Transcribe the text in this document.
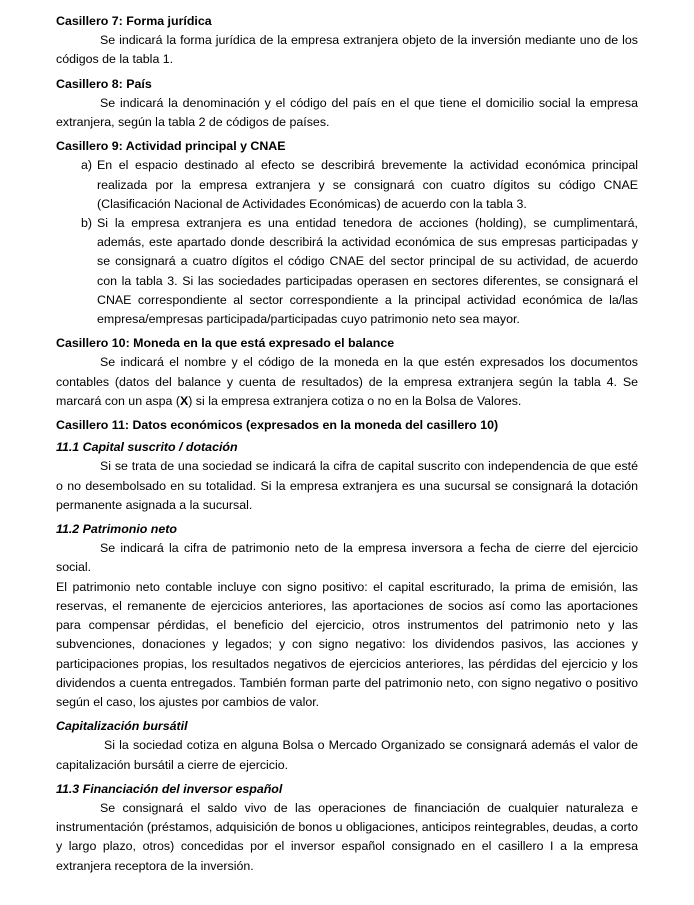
Casillero 7: Forma jurídica

Se indicará la forma jurídica de la empresa extranjera objeto de la inversión mediante uno de los códigos de la tabla 1.

Casillero 8: País

Se indicará la denominación y el código del país en el que tiene el domicilio social la empresa extranjera, según la tabla 2 de códigos de países.

Casillero 9: Actividad principal y CNAE

a) En el espacio destinado al efecto se describirá brevemente la actividad económica principal realizada por la empresa extranjera y se consignará con cuatro dígitos su código CNAE (Clasificación Nacional de Actividades Económicas) de acuerdo con la tabla 3.
b) Si la empresa extranjera es una entidad tenedora de acciones (holding), se cumplimentará, además, este apartado donde describirá la actividad económica de sus empresas participadas y se consignará a cuatro dígitos el código CNAE del sector principal de su actividad, de acuerdo con la tabla 3. Si las sociedades participadas operasen en sectores diferentes, se consignará el CNAE correspondiente al sector correspondiente a la principal actividad económica de la/las empresa/empresas participada/participadas cuyo patrimonio neto sea mayor.

Casillero 10: Moneda en la que está expresado el balance

Se indicará el nombre y el código de la moneda en la que estén expresados los documentos contables (datos del balance y cuenta de resultados) de la empresa extranjera según la tabla 4. Se marcará con un aspa (X) si la empresa extranjera cotiza o no en la Bolsa de Valores.

Casillero 11: Datos económicos (expresados en la moneda del casillero 10)

11.1 Capital suscrito / dotación

Si se trata de una sociedad se indicará la cifra de capital suscrito con independencia de que esté o no desembolsado en su totalidad. Si la empresa extranjera es una sucursal se consignará la dotación permanente asignada a la sucursal.

11.2 Patrimonio neto

Se indicará la cifra de patrimonio neto de la empresa inversora a fecha de cierre del ejercicio social.

El patrimonio neto contable incluye con signo positivo: el capital escriturado, la prima de emisión, las reservas, el remanente de ejercicios anteriores, las aportaciones de socios así como las aportaciones para compensar pérdidas, el beneficio del ejercicio, otros instrumentos del patrimonio neto y las subvenciones, donaciones y legados; y con signo negativo: los dividendos pasivos, las acciones y participaciones propias, los resultados negativos de ejercicios anteriores, las pérdidas del ejercicio y los dividendos a cuenta entregados. También forman parte del patrimonio neto, con signo negativo o positivo según el caso, los ajustes por cambios de valor.

Capitalización bursátil

Si la sociedad cotiza en alguna Bolsa o Mercado Organizado se consignará además el valor de capitalización bursátil a cierre de ejercicio.

11.3 Financiación del inversor español

Se consignará el saldo vivo de las operaciones de financiación de cualquier naturaleza e instrumentación (préstamos, adquisición de bonos u obligaciones, anticipos reintegrables, deudas, a corto y largo plazo, otros) concedidas por el inversor español consignado en el casillero I a la empresa extranjera receptora de la inversión.
